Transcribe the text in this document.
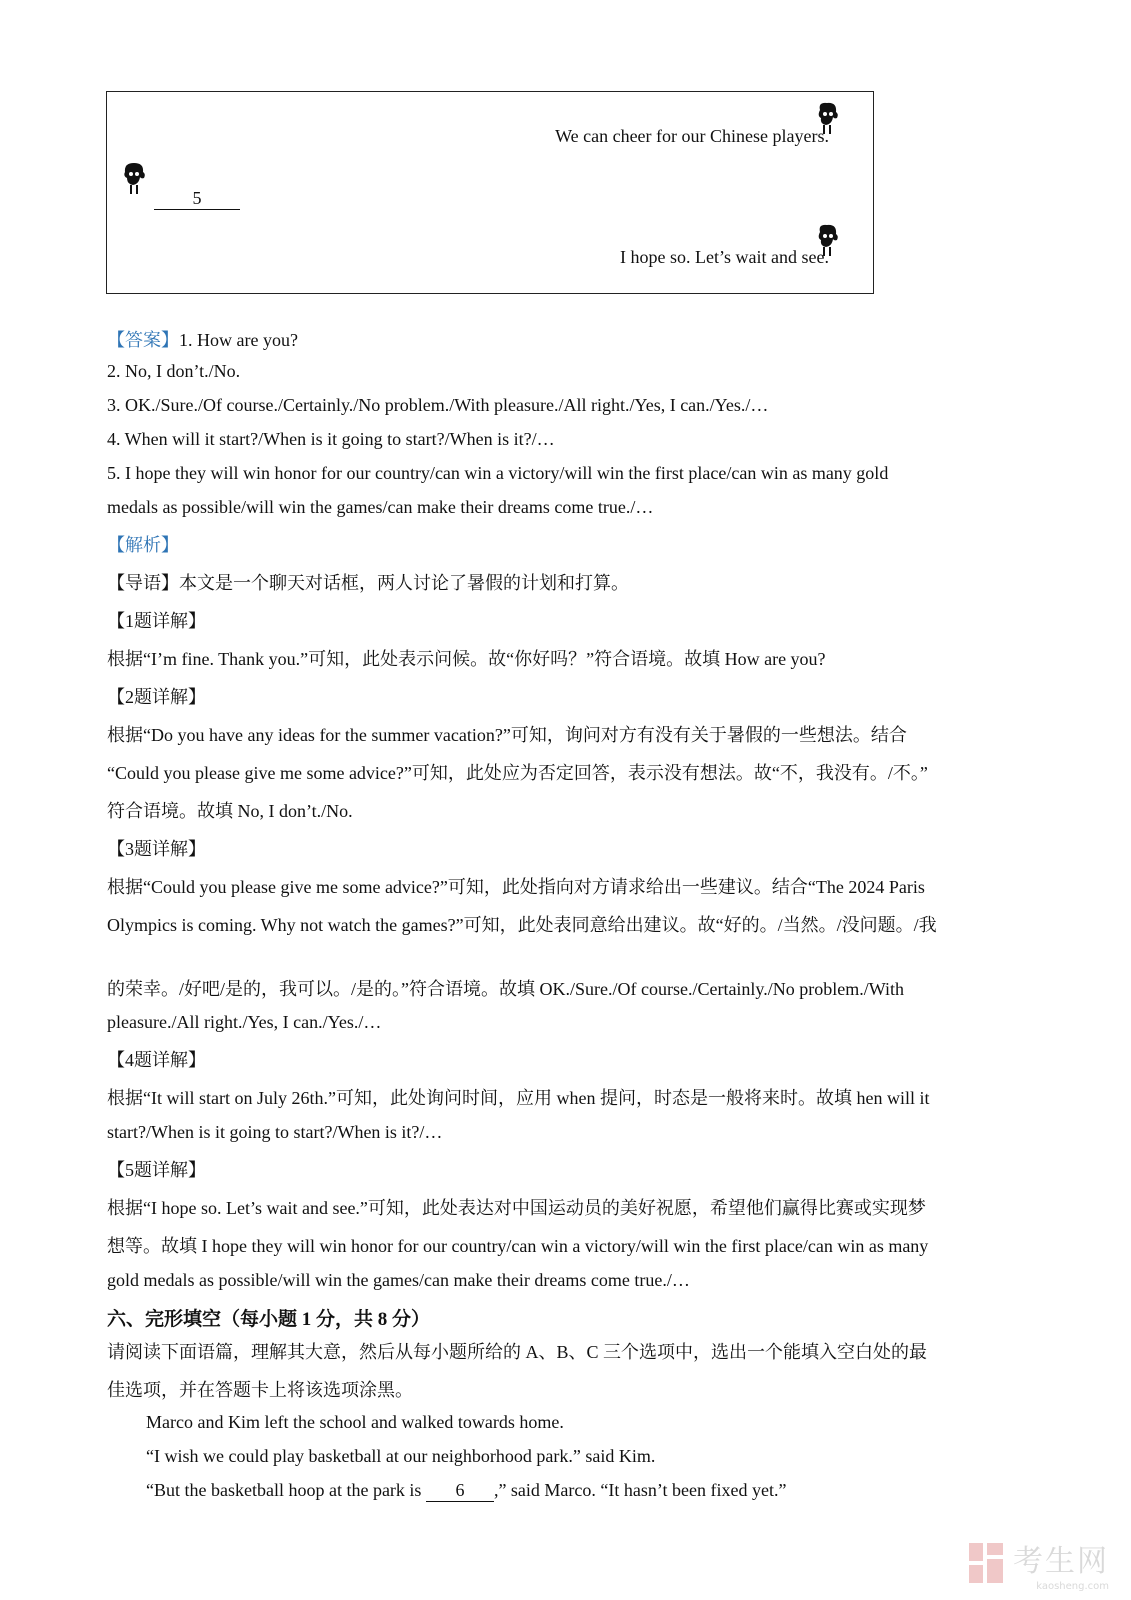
We can cheer for our Chinese players.
5
I hope so. Let’s wait and see.
【答案】1. How are you?
2. No, I don’t./No.
3. OK./Sure./Of course./Certainly./No problem./With pleasure./All right./Yes, I can./Yes./…
4. When will it start?/When is it going to start?/When is it?/…
5. I hope they will win honor for our country/can win a victory/will win the first place/can win as many gold
medals as possible/will win the games/can make their dreams come true./…
【解析】
【导语】本文是一个聊天对话框，两人讨论了暑假的计划和打算。
【1题详解】
根据“I’m fine. Thank you.”可知，此处表示问候。故“你好吗？”符合语境。故填 How are you?
【2题详解】
根据“Do you have any ideas for the summer vacation?”可知，询问对方有没有关于暑假的一些想法。结合
“Could you please give me some advice?”可知，此处应为否定回答，表示没有想法。故“不，我没有。/不。”
符合语境。故填 No, I don’t./No.
【3题详解】
根据“Could you please give me some advice?”可知，此处指向对方请求给出一些建议。结合“The 2024 Paris
Olympics is coming. Why not watch the games?”可知，此处表同意给出建议。故“好的。/当然。/没问题。/我
的荣幸。/好吧/是的，我可以。/是的。”符合语境。故填 OK./Sure./Of course./Certainly./No problem./With
pleasure./All right./Yes, I can./Yes./…
【4题详解】
根据“It will start on July 26th.”可知，此处询问时间，应用 when 提问，时态是一般将来时。故填 hen will it
start?/When is it going to start?/When is it?/…
【5题详解】
根据“I hope so. Let’s wait and see.”可知，此处表达对中国运动员的美好祝愿，希望他们赢得比赛或实现梦
想等。故填 I hope they will win honor for our country/can win a victory/will win the first place/can win as many
gold medals as possible/will win the games/can make their dreams come true./…
六、完形填空（每小题 1 分，共 8 分）
请阅读下面语篇，理解其大意，然后从每小题所给的 A、B、C 三个选项中，选出一个能填入空白处的最
佳选项，并在答题卡上将该选项涂黑。
Marco and Kim left the school and walked towards home.
“I wish we could play basketball at our neighborhood park.” said Kim.
“But the basketball hoop at the park is 6 ,” said Marco. “It hasn’t been fixed yet.”
考生网
kaosheng.com
